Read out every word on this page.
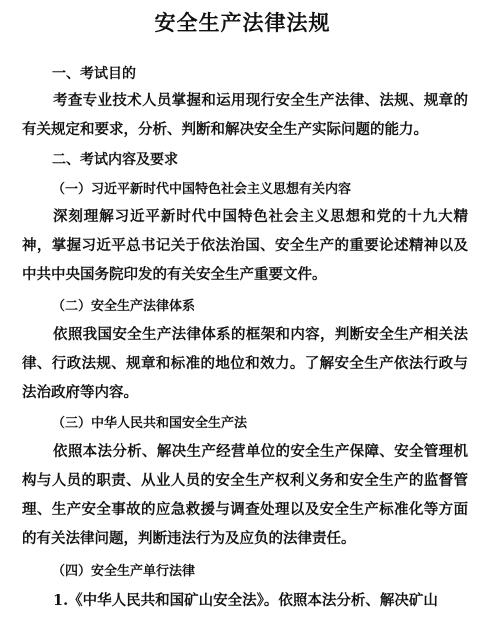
安全生产法律法规
一、考试目的

考查专业技术人员掌握和运用现行安全生产法律、法规、规章的有关规定和要求，分析、判断和解决安全生产实际问题的能力。

二、考试内容及要求
（一）习近平新时代中国特色社会主义思想有关内容

深刻理解习近平新时代中国特色社会主义思想和党的十九大精神，掌握习近平总书记关于依法治国、安全生产的重要论述精神以及中共中央国务院印发的有关安全生产重要文件。

（二）安全生产法律体系

依照我国安全生产法律体系的框架和内容，判断安全生产相关法律、行政法规、规章和标准的地位和效力。了解安全生产依法行政与法治政府等内容。

（三）中华人民共和国安全生产法

依照本法分析、解决生产经营单位的安全生产保障、安全管理机构与人员的职责、从业人员的安全生产权利义务和安全生产的监督管理、生产安全事故的应急救援与调查处理以及安全生产标准化等方面的有关法律问题，判断违法行为及应负的法律责任。

（四）安全生产单行法律

1.《中华人民共和国矿山安全法》。依照本法分析、解决矿山
